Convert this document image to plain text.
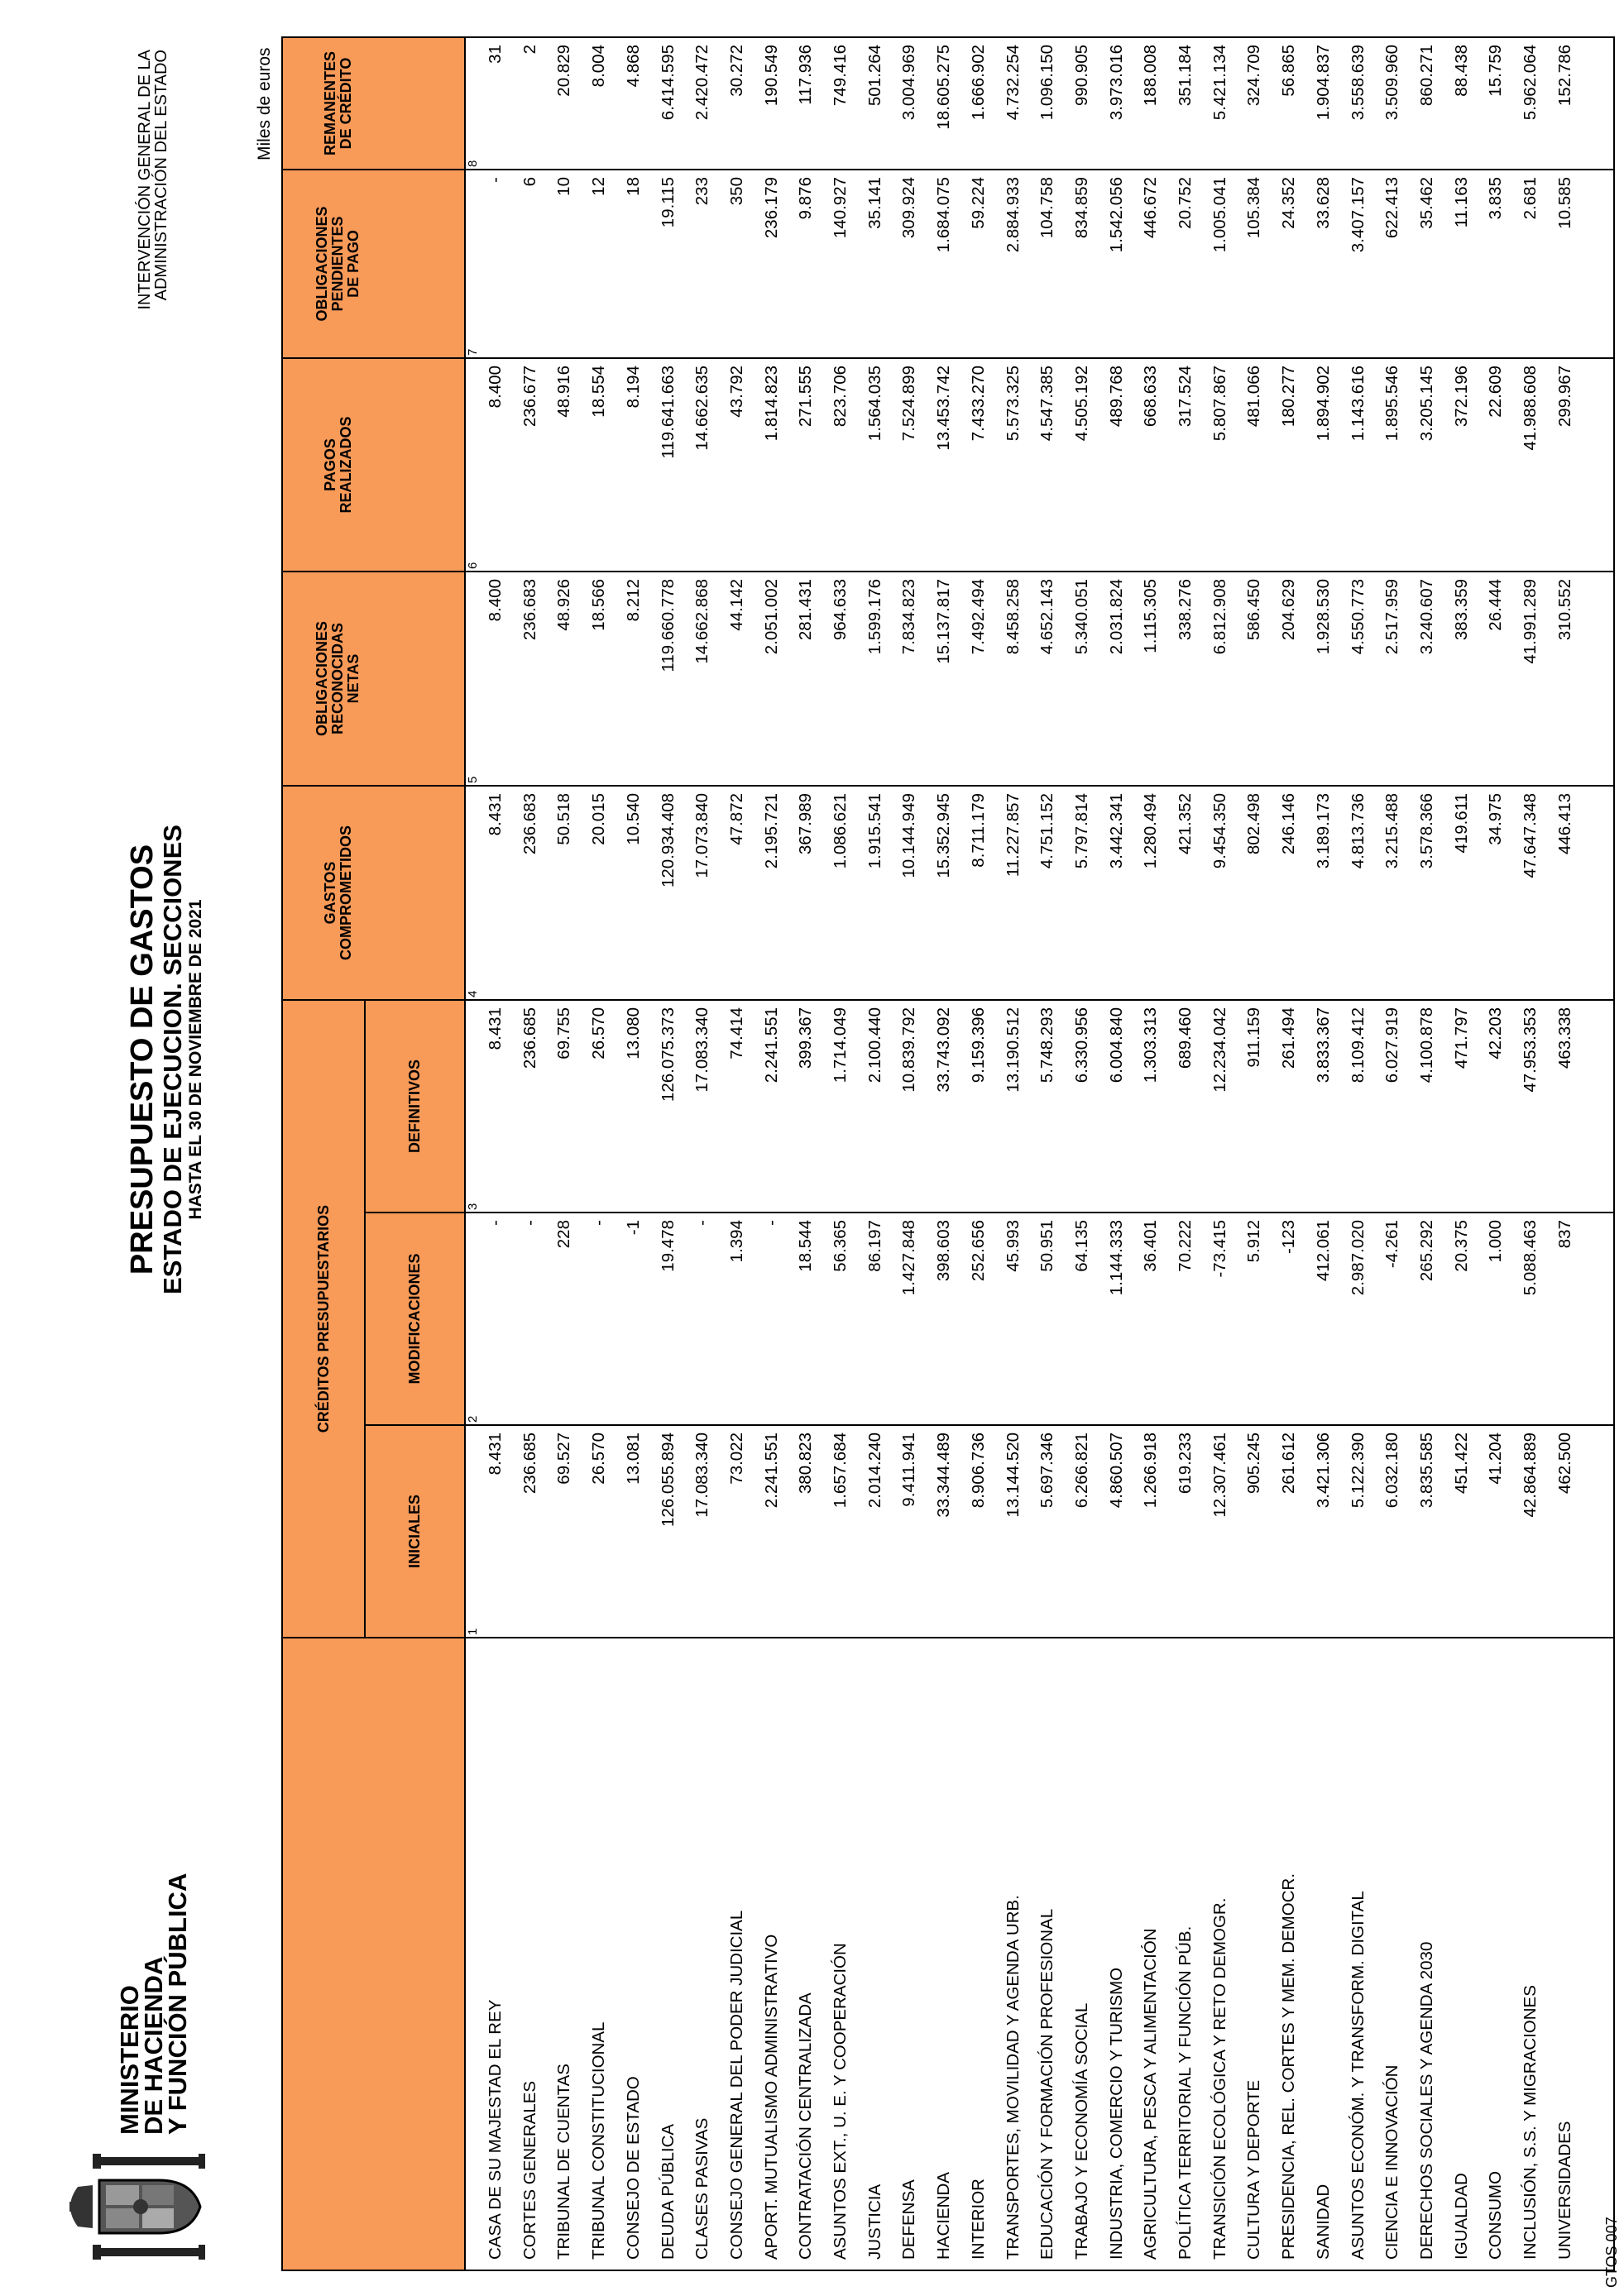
MINISTERIO
DE HACIENDA
Y FUNCIÓN PÚBLICA
PRESUPUESTO DE GASTOS
ESTADO DE EJECUCION. SECCIONES HASTA EL 30 DE NOVIEMBRE DE 2021
INTERVENCIÓN GENERAL DE LA
ADMINISTRACIÓN DEL ESTADO	Miles de euros
CRÉDITOS PRESUPUESTARIOS
INICIALES
MODIFICACIONES
DEFINITIVOS
GASTOS
COMPROMETIDOS
OBLIGACIONES
RECONOCIDAS
NETAS
PAGOS
REALIZADOS
OBLIGACIONES
PENDIENTES
DE PAGO
REMANENTES
DE CRÉDITO
1
2
3
4
5
6
7
8
CASA DE SU MAJESTAD EL REY
8.431
-
8.431
8.431
8.400
8.400
-
31
CORTES GENERALES
236.685
-
236.685
236.683
236.683
236.677
6
2
TRIBUNAL DE CUENTAS
69.527
228
69.755
50.518
48.926
48.916
10
20.829
TRIBUNAL CONSTITUCIONAL
26.570
-
26.570
20.015
18.566
18.554
12
8.004
CONSEJO DE ESTADO
13.081
-1
13.080
10.540
8.212
8.194
18
4.868
DEUDA PÚBLICA
126.055.894
19.478
126.075.373
120.934.408
119.660.778
119.641.663
19.115
6.414.595
CLASES PASIVAS
17.083.340
-
17.083.340
17.073.840
14.662.868
14.662.635
233
2.420.472
CONSEJO GENERAL DEL PODER JUDICIAL
73.022
1.394
74.414
47.872
44.142
43.792
350
30.272
APORT. MUTUALISMO ADMINISTRATIVO
2.241.551
-
2.241.551
2.195.721
2.051.002
1.814.823
236.179
190.549
CONTRATACIÓN CENTRALIZADA
380.823
18.544
399.367
367.989
281.431
271.555
9.876
117.936
ASUNTOS EXT., U. E. Y COOPERACIÓN
1.657.684
56.365
1.714.049
1.086.621
964.633
823.706
140.927
749.416
JUSTICIA
2.014.240
86.197
2.100.440
1.915.541
1.599.176
1.564.035
35.141
501.264
DEFENSA
9.411.941
1.427.848
10.839.792
10.144.949
7.834.823
7.524.899
309.924
3.004.969
HACIENDA
33.344.489
398.603
33.743.092
15.352.945
15.137.817
13.453.742
1.684.075
18.605.275
INTERIOR
8.906.736
252.656
9.159.396
8.711.179
7.492.494
7.433.270
59.224
1.666.902
TRANSPORTES, MOVILIDAD Y AGENDA URB.
13.144.520
45.993
13.190.512
11.227.857
8.458.258
5.573.325
2.884.933
4.732.254
EDUCACIÓN Y FORMACIÓN PROFESIONAL
5.697.346
50.951
5.748.293
4.751.152
4.652.143
4.547.385
104.758
1.096.150
TRABAJO Y ECONOMÍA SOCIAL
6.266.821
64.135
6.330.956
5.797.814
5.340.051
4.505.192
834.859
990.905
INDUSTRIA, COMERCIO Y TURISMO
4.860.507
1.144.333
6.004.840
3.442.341
2.031.824
489.768
1.542.056
3.973.016
AGRICULTURA, PESCA Y ALIMENTACIÓN
1.266.918
36.401
1.303.313
1.280.494
1.115.305
668.633
446.672
188.008
POLÍTICA TERRITORIAL Y FUNCIÓN PÚB.
619.233
70.222
689.460
421.352
338.276
317.524
20.752
351.184
TRANSICIÓN ECOLÓGICA Y RETO DEMOGR.
12.307.461
-73.415
12.234.042
9.454.350
6.812.908
5.807.867
1.005.041
5.421.134
CULTURA Y DEPORTE
905.245
5.912
911.159
802.498
586.450
481.066
105.384
324.709
PRESIDENCIA, REL. CORTES Y MEM. DEMOCR.
261.612
-123
261.494
246.146
204.629
180.277
24.352
56.865
SANIDAD
3.421.306
412.061
3.833.367
3.189.173
1.928.530
1.894.902
33.628
1.904.837
ASUNTOS ECONÓM. Y TRANSFORM. DIGITAL
5.122.390
2.987.020
8.109.412
4.813.736
4.550.773
1.143.616
3.407.157
3.558.639
CIENCIA E INNOVACIÓN
6.032.180
-4.261
6.027.919
3.215.488
2.517.959
1.895.546
622.413
3.509.960
DERECHOS SOCIALES Y AGENDA 2030
3.835.585
265.292
4.100.878
3.578.366
3.240.607
3.205.145
35.462
860.271
IGUALDAD
451.422
20.375
471.797
419.611
383.359
372.196
11.163
88.438
CONSUMO
41.204
1.000
42.203
34.975
26.444
22.609
3.835
15.759
INCLUSIÓN, S.S. Y MIGRACIONES
42.864.889
5.088.463
47.953.353
47.647.348
41.991.289
41.988.608
2.681
5.962.064
UNIVERSIDADES
462.500
837
463.338
446.413
310.552
299.967
10.585
152.786
GTOS 007
